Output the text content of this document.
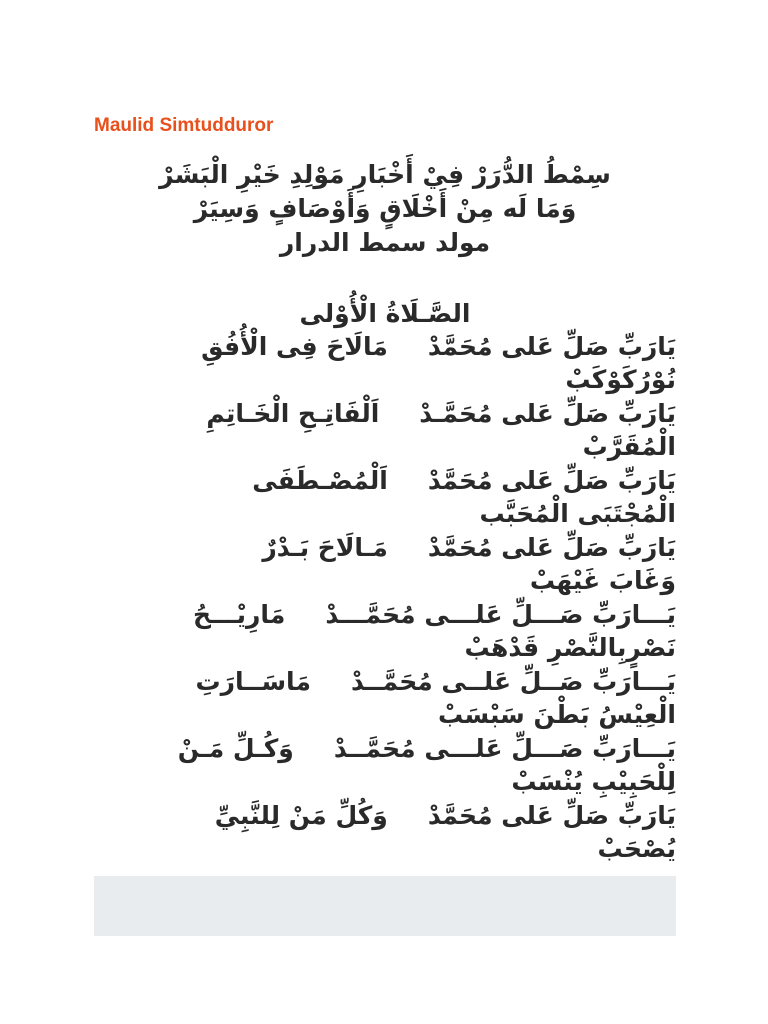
Maulid Simtudduror
سِمْطُ الدُّرَرْ فِيْ أَخْبَارِ مَوْلِدِ خَيْرِ الْبَشَرْ
وَمَا لَه مِنْ أَخْلَاقٍ وَأَوْصَافٍ وَسِيَرْ
مولد سمط الدرار
الصَّـلَاةُ الْأُوْلى
يَارَبِّ صَلِّ عَلى مُحَمَّدْمَالَاحَ فِى الْأُفُقِ
نُوْرُكَوْكَبْ
يَارَبِّ صَلِّ عَلى مُحَمَّـدْاَلْفَاتِـحِ الْخَـاتِمِ
الْمُقَرَّبْ
يَارَبِّ صَلِّ عَلى مُحَمَّدْاَلْمُصْـطَفَى
الْمُجْتَبَى الْمُحَبَّب
يَارَبِّ صَلِّ عَلى مُحَمَّدْمَـالَاحَ بَـدْرٌ
وَغَابَ غَيْهَبْ
يَـــارَبِّ صَـــلِّ عَلـــى مُحَمَّـــدْمَارِيْـــحُ
نَصْرٍبِالنَّصْرِ قَدْهَبْ
يَـــارَبِّ صَــلِّ عَلــى مُحَمَّــدْمَاسَــارَتِ
الْعِيْسُ بَطْنَ سَبْسَبْ
يَـــارَبِّ صَـــلِّ عَلـــى مُحَمَّــدْوَكُـلِّ مَـنْ
لِلْحَبِيْبِ يُنْسَبْ
يَارَبِّ صَلِّ عَلى مُحَمَّدْوَكُلِّ مَنْ لِلنَّبِيِّ
يُصْحَبْ
